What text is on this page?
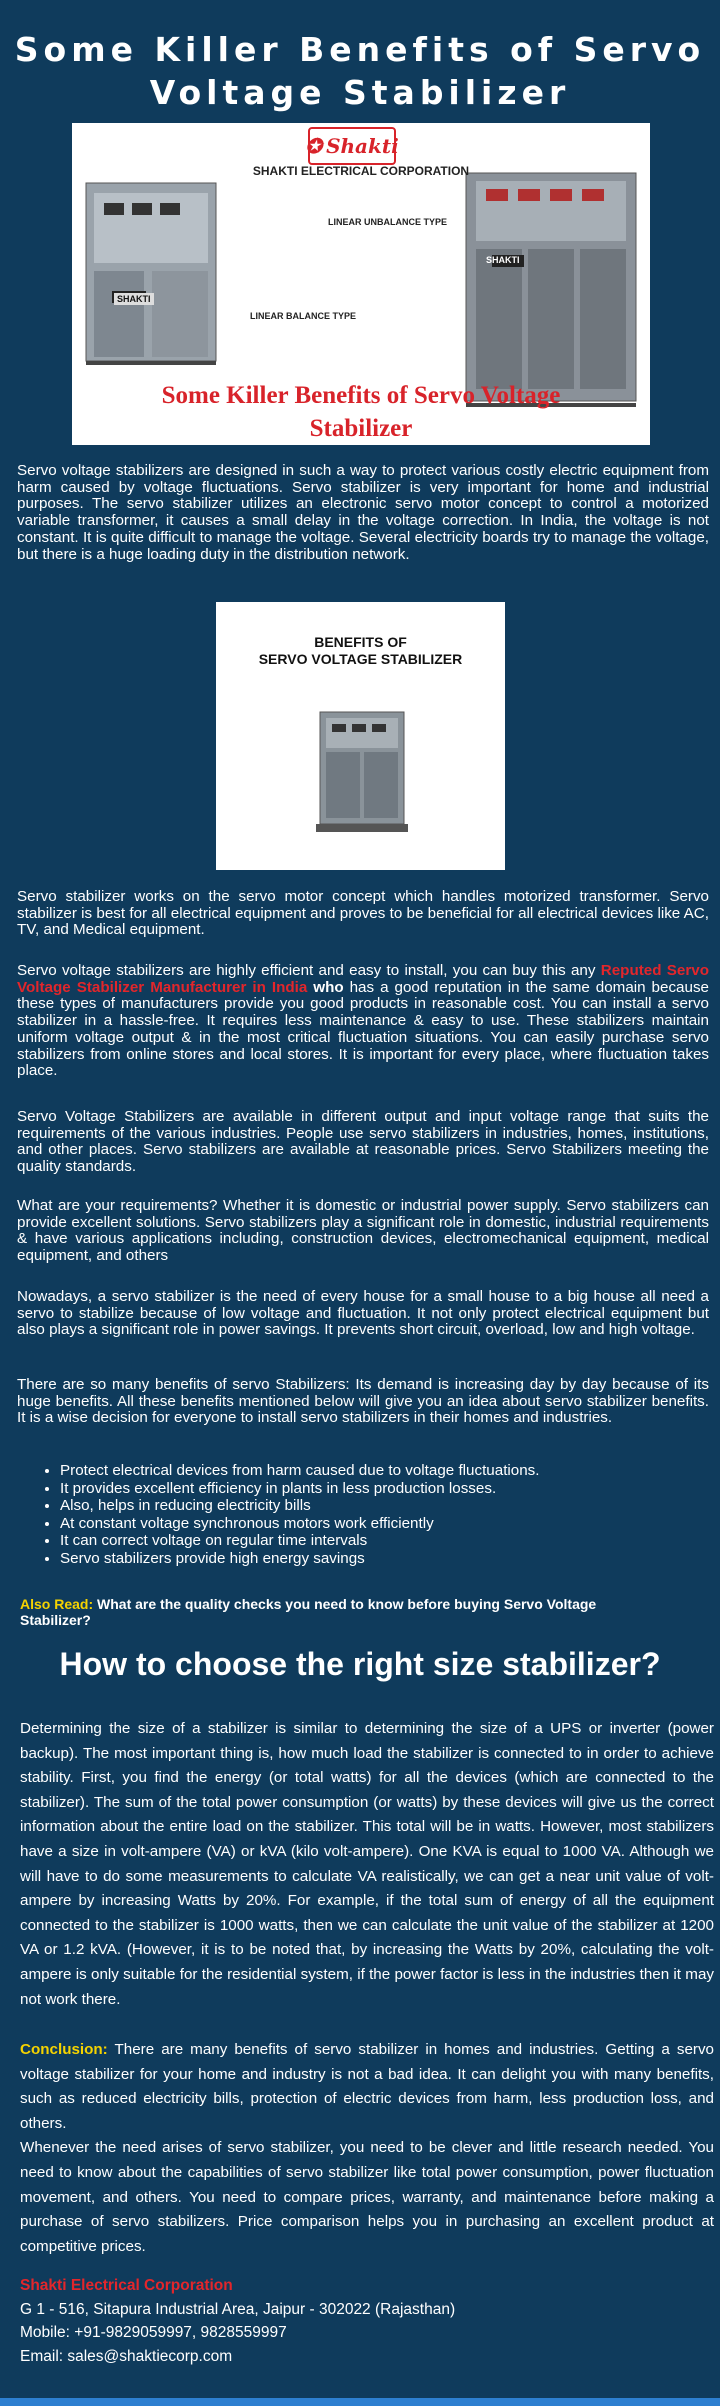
Some Killer Benefits of Servo Voltage Stabilizer
✪ Shakti
SHAKTI ELECTRICAL CORPORATION
LINEAR UNBALANCE TYPE
LINEAR BALANCE TYPE
SHAKTI
SHAKTI
Some Killer Benefits of Servo Voltage Stabilizer
Servo voltage stabilizers are designed in such a way to protect various costly electric equipment from harm caused by voltage fluctuations. Servo stabilizer is very important for home and industrial purposes. The servo stabilizer utilizes an electronic servo motor concept to control a motorized variable transformer, it causes a small delay in the voltage correction. In India, the voltage is not constant. It is quite difficult to manage the voltage. Several electricity boards try to manage the voltage, but there is a huge loading duty in the distribution network.
BENEFITS OF
SERVO VOLTAGE STABILIZER
Servo stabilizer works on the servo motor concept which handles motorized transformer. Servo stabilizer is best for all electrical equipment and proves to be beneficial for all electrical devices like AC, TV, and Medical equipment.
Servo voltage stabilizers are highly efficient and easy to install, you can buy this any Reputed Servo Voltage Stabilizer Manufacturer in India who has a good reputation in the same domain because these types of manufacturers provide you good products in reasonable cost. You can install a servo stabilizer in a hassle-free. It requires less maintenance & easy to use. These stabilizers maintain uniform voltage output & in the most critical fluctuation situations. You can easily purchase servo stabilizers from online stores and local stores. It is important for every place, where fluctuation takes place.
Servo Voltage Stabilizers are available in different output and input voltage range that suits the requirements of the various industries. People use servo stabilizers in industries, homes, institutions, and other places. Servo stabilizers are available at reasonable prices. Servo Stabilizers meeting the quality standards.
What are your requirements? Whether it is domestic or industrial power supply. Servo stabilizers can provide excellent solutions. Servo stabilizers play a significant role in domestic, industrial requirements & have various applications including, construction devices, electromechanical equipment, medical equipment, and others
Nowadays, a servo stabilizer is the need of every house for a small house to a big house all need a servo to stabilize because of low voltage and fluctuation. It not only protect electrical equipment but also plays a significant role in power savings. It prevents short circuit, overload, low and high voltage.
There are so many benefits of servo Stabilizers: Its demand is increasing day by day because of its huge benefits. All these benefits mentioned below will give you an idea about servo stabilizer benefits. It is a wise decision for everyone to install servo stabilizers in their homes and industries.
• Protect electrical devices from harm caused due to voltage fluctuations.
• It provides excellent efficiency in plants in less production losses.
• Also, helps in reducing electricity bills
• At constant voltage synchronous motors work efficiently
• It can correct voltage on regular time intervals
• Servo stabilizers provide high energy savings
Also Read: What are the quality checks you need to know before buying Servo Voltage Stabilizer?
How to choose the right size stabilizer?
Determining the size of a stabilizer is similar to determining the size of a UPS or inverter (power backup). The most important thing is, how much load the stabilizer is connected to in order to achieve stability. First, you find the energy (or total watts) for all the devices (which are connected to the stabilizer). The sum of the total power consumption (or watts) by these devices will give us the correct information about the entire load on the stabilizer. This total will be in watts. However, most stabilizers have a size in volt-ampere (VA) or kVA (kilo volt-ampere). One KVA is equal to 1000 VA. Although we will have to do some measurements to calculate VA realistically, we can get a near unit value of volt-ampere by increasing Watts by 20%. For example, if the total sum of energy of all the equipment connected to the stabilizer is 1000 watts, then we can calculate the unit value of the stabilizer at 1200 VA or 1.2 kVA. (However, it is to be noted that, by increasing the Watts by 20%, calculating the volt-ampere is only suitable for the residential system, if the power factor is less in the industries then it may not work there.
Conclusion: There are many benefits of servo stabilizer in homes and industries. Getting a servo voltage stabilizer for your home and industry is not a bad idea. It can delight you with many benefits, such as reduced electricity bills, protection of electric devices from harm, less production loss, and others.
Whenever the need arises of servo stabilizer, you need to be clever and little research needed. You need to know about the capabilities of servo stabilizer like total power consumption, power fluctuation movement, and others. You need to compare prices, warranty, and maintenance before making a purchase of servo stabilizers. Price comparison helps you in purchasing an excellent product at competitive prices.
Shakti Electrical Corporation
G 1 - 516, Sitapura Industrial Area, Jaipur - 302022 (Rajasthan)
Mobile: +91-9829059997, 9828559997
Email: sales@shaktiecorp.com
